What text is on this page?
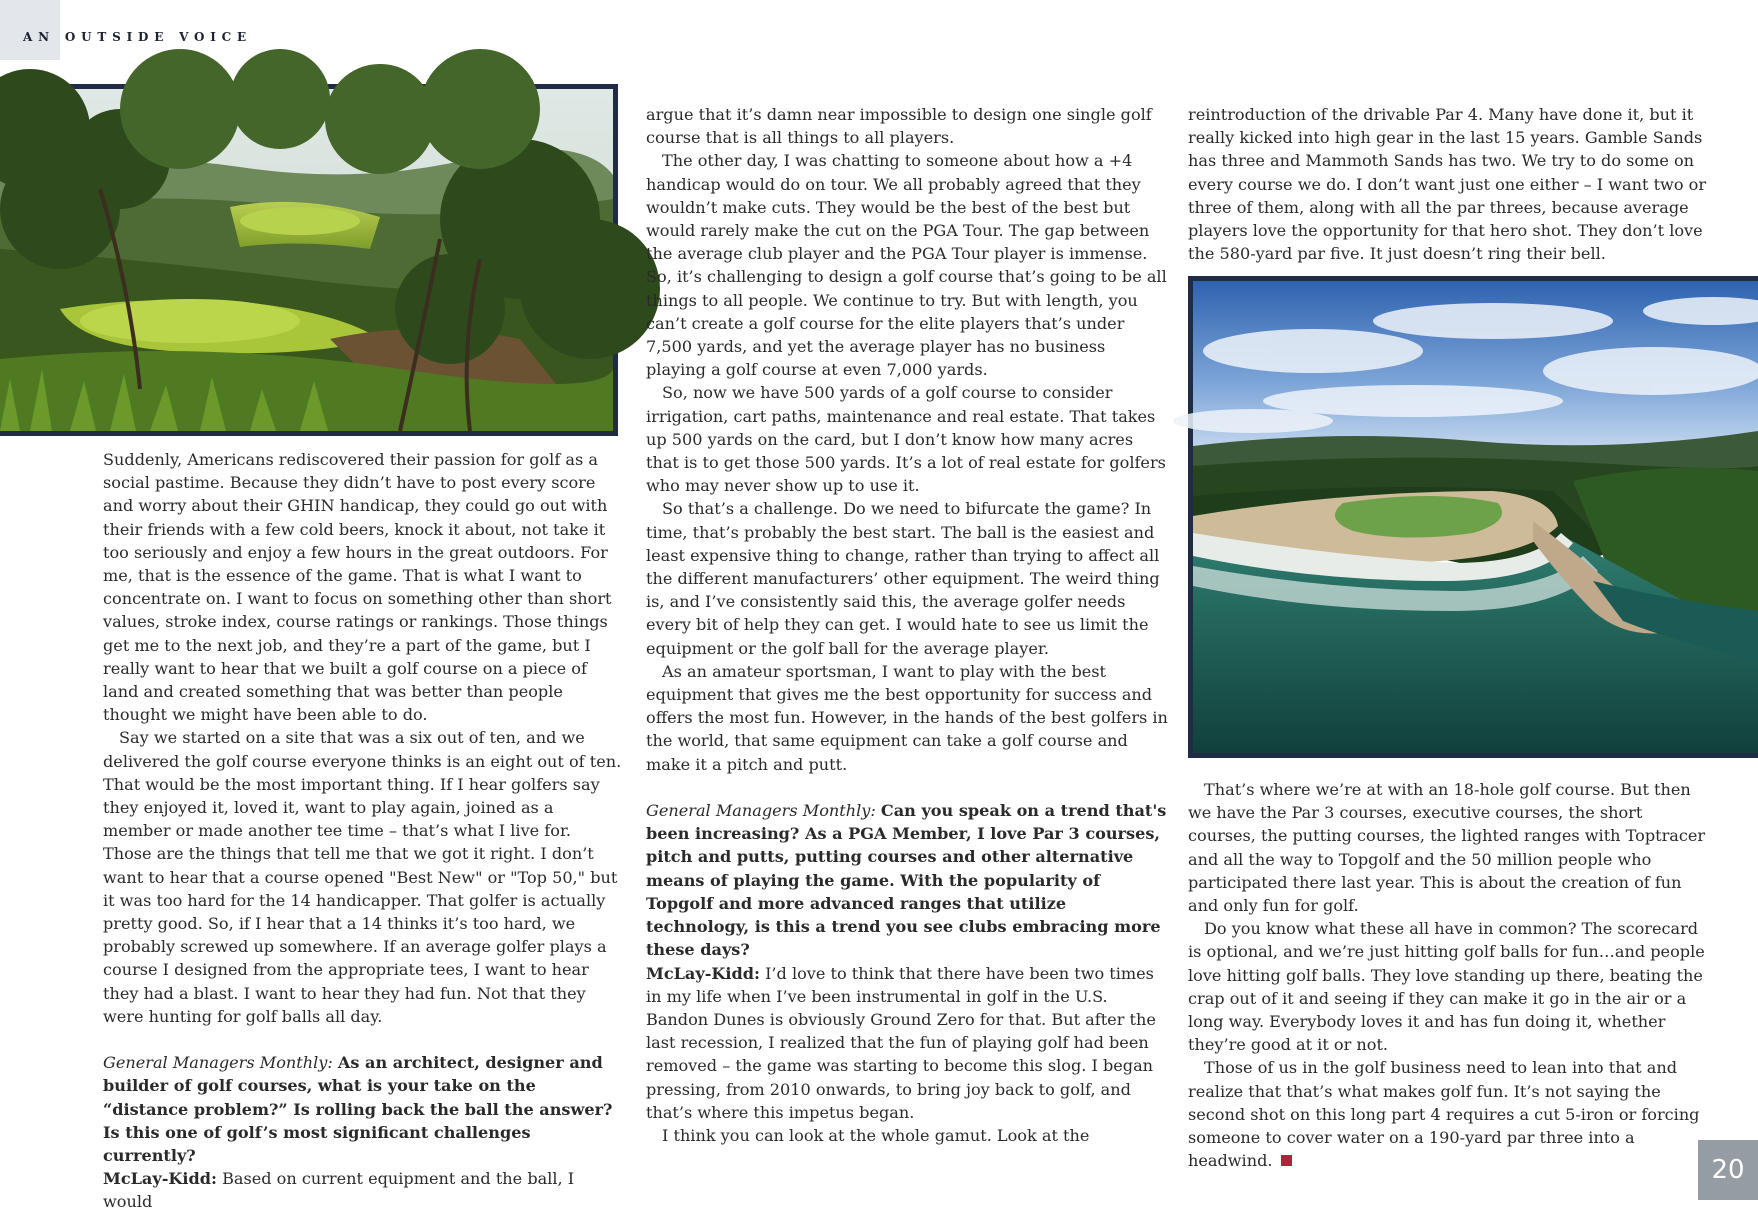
AN OUTSIDE VOICE

Suddenly, Americans rediscovered their passion for golf as a social pastime. Because they didn’t have to post every score and worry about their GHIN handicap, they could go out with their friends with a few cold beers, knock it about, not take it too seriously and enjoy a few hours in the great outdoors. For me, that is the essence of the game. That is what I want to concentrate on. I want to focus on something other than short values, stroke index, course ratings or rankings. Those things get me to the next job, and they’re a part of the game, but I really want to hear that we built a golf course on a piece of land and created something that was better than people thought we might have been able to do.

Say we started on a site that was a six out of ten, and we delivered the golf course everyone thinks is an eight out of ten. That would be the most important thing. If I hear golfers say they enjoyed it, loved it, want to play again, joined as a member or made another tee time – that’s what I live for. Those are the things that tell me that we got it right. I don’t want to hear that a course opened "Best New" or "Top 50," but it was too hard for the 14 handicapper. That golfer is actually pretty good. So, if I hear that a 14 thinks it’s too hard, we probably screwed up somewhere. If an average golfer plays a course I designed from the appropriate tees, I want to hear they had a blast. I want to hear they had fun. Not that they were hunting for golf balls all day.

General Managers Monthly: As an architect, designer and builder of golf courses, what is your take on the “distance problem?” Is rolling back the ball the answer? Is this one of golf’s most significant challenges currently?

McLay-Kidd: Based on current equipment and the ball, I would

argue that it’s damn near impossible to design one single golf course that is all things to all players.

The other day, I was chatting to someone about how a +4 handicap would do on tour. We all probably agreed that they wouldn’t make cuts. They would be the best of the best but would rarely make the cut on the PGA Tour. The gap between the average club player and the PGA Tour player is immense. So, it’s challenging to design a golf course that’s going to be all things to all people. We continue to try. But with length, you can’t create a golf course for the elite players that’s under 7,500 yards, and yet the average player has no business playing a golf course at even 7,000 yards.

So, now we have 500 yards of a golf course to consider irrigation, cart paths, maintenance and real estate. That takes up 500 yards on the card, but I don’t know how many acres that is to get those 500 yards. It’s a lot of real estate for golfers who may never show up to use it.

So that’s a challenge. Do we need to bifurcate the game? In time, that’s probably the best start. The ball is the easiest and least expensive thing to change, rather than trying to affect all the different manufacturers’ other equipment. The weird thing is, and I’ve consistently said this, the average golfer needs every bit of help they can get. I would hate to see us limit the equipment or the golf ball for the average player.

As an amateur sportsman, I want to play with the best equipment that gives me the best opportunity for success and offers the most fun. However, in the hands of the best golfers in the world, that same equipment can take a golf course and make it a pitch and putt.

General Managers Monthly: Can you speak on a trend that's been increasing? As a PGA Member, I love Par 3 courses, pitch and putts, putting courses and other alternative means of playing the game. With the popularity of Topgolf and more advanced ranges that utilize technology, is this a trend you see clubs embracing more these days?

McLay-Kidd: I’d love to think that there have been two times in my life when I’ve been instrumental in golf in the U.S. Bandon Dunes is obviously Ground Zero for that. But after the last recession, I realized that the fun of playing golf had been removed – the game was starting to become this slog. I began pressing, from 2010 onwards, to bring joy back to golf, and that’s where this impetus began.

I think you can look at the whole gamut. Look at the

reintroduction of the drivable Par 4. Many have done it, but it really kicked into high gear in the last 15 years. Gamble Sands has three and Mammoth Sands has two. We try to do some on every course we do. I don’t want just one either – I want two or three of them, along with all the par threes, because average players love the opportunity for that hero shot. They don’t love the 580-yard par five. It just doesn’t ring their bell.

That’s where we’re at with an 18-hole golf course. But then we have the Par 3 courses, executive courses, the short courses, the putting courses, the lighted ranges with Toptracer and all the way to Topgolf and the 50 million people who participated there last year. This is about the creation of fun and only fun for golf.

Do you know what these all have in common? The scorecard is optional, and we’re just hitting golf balls for fun…and people love hitting golf balls. They love standing up there, beating the crap out of it and seeing if they can make it go in the air or a long way. Everybody loves it and has fun doing it, whether they’re good at it or not.

Those of us in the golf business need to lean into that and realize that that’s what makes golf fun. It’s not saying the second shot on this long part 4 requires a cut 5-iron or forcing someone to cover water on a 190-yard par three into a headwind.	20
